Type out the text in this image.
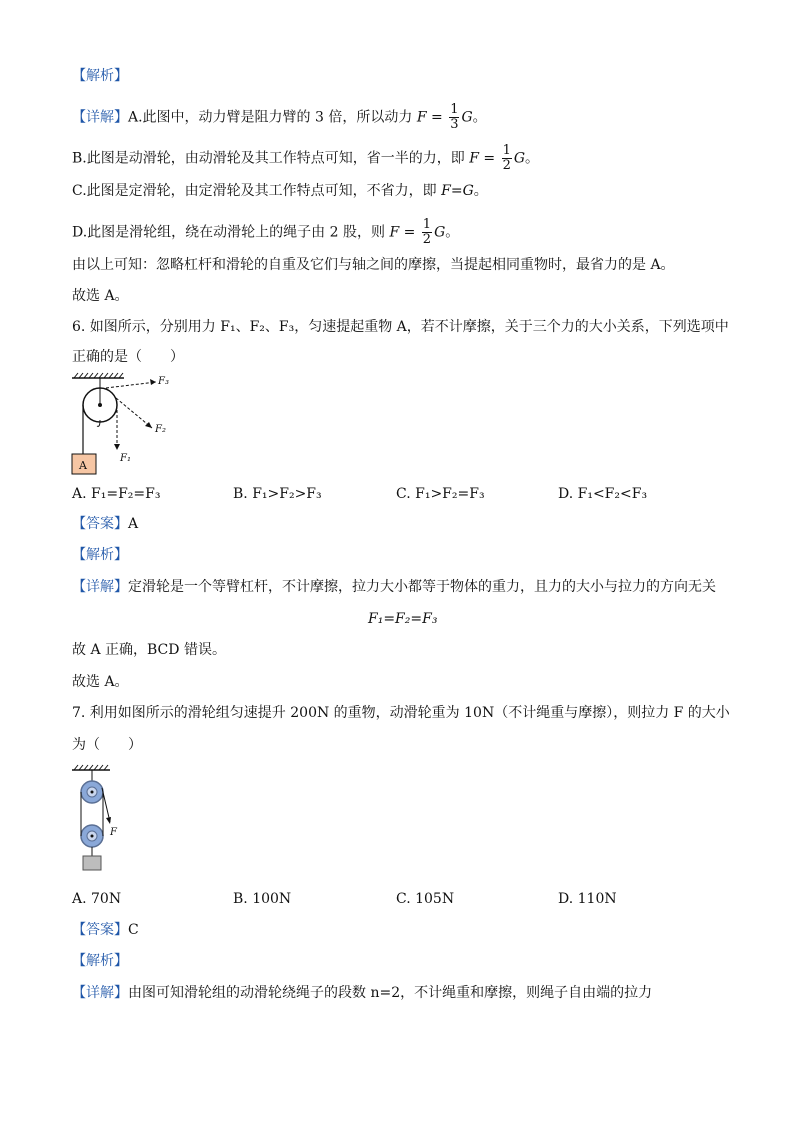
【解析】
【详解】A.此图中，动力臂是阻力臂的 3 倍，所以动力 $F = \frac{1}{3}$ G。
B.此图是动滑轮，由动滑轮及其工作特点可知，省一半的力，即 $F = \frac{1}{2}$ G。
C.此图是定滑轮，由定滑轮及其工作特点可知，不省力，即 F=G。
D.此图是滑轮组，绕在动滑轮上的绳子由 2 股，则 $F = \frac{1}{2}$ G。
由以上可知：忽略杠杆和滑轮的自重及它们与轴之间的摩擦，当提起相同重物时，最省力的是 A。
故选 A。
6. 如图所示，分别用力 F₁、F₂、F₃，匀速提起重物 A，若不计摩擦，关于三个力的大小关系，下列选项中
正确的是（　　）
A
F₃
F₂
F₁
A. F₁=F₂=F₃	B. F₁>F₂>F₃	C. F₁>F₂=F₃	D. F₁<F₂<F₃
【答案】A
【解析】
【详解】定滑轮是一个等臂杠杆，不计摩擦，拉力大小都等于物体的重力，且力的大小与拉力的方向无关
F₁=F₂=F₃
故 A 正确，BCD 错误。
故选 A。
7. 利用如图所示的滑轮组匀速提升 200N 的重物，动滑轮重为 10N（不计绳重与摩擦），则拉力 F 的大小
为（　　）
F
A. 70N	B. 100N	C. 105N	D. 110N
【答案】C
【解析】
【详解】由图可知滑轮组的动滑轮绕绳子的段数 n=2，不计绳重和摩擦，则绳子自由端的拉力
